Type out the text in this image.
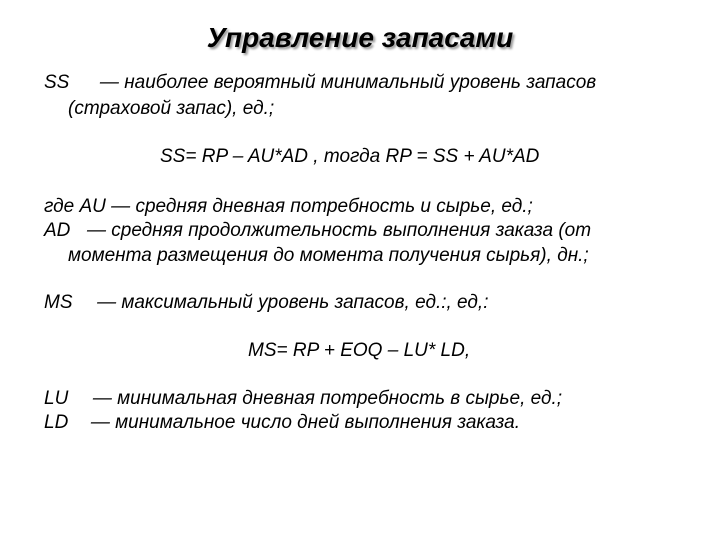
Управление запасами
SS — наиболее вероятный минимальный уровень запасов
(страховой запас), ед.;
SS= RP – AU*AD , тогда RP = SS + AU*AD
где AU — средняя дневная потребность и сырье, ед.;
AD — средняя продолжительность выполнения заказа (от
момента размещения до момента получения сырья), дн.;
MS — максимальный уровень запасов, ед.:, ед,:
MS= RP + EOQ – LU* LD,
LU — минимальная дневная потребность в сырье, ед.;
LD — минимальное число дней выполнения заказа.
